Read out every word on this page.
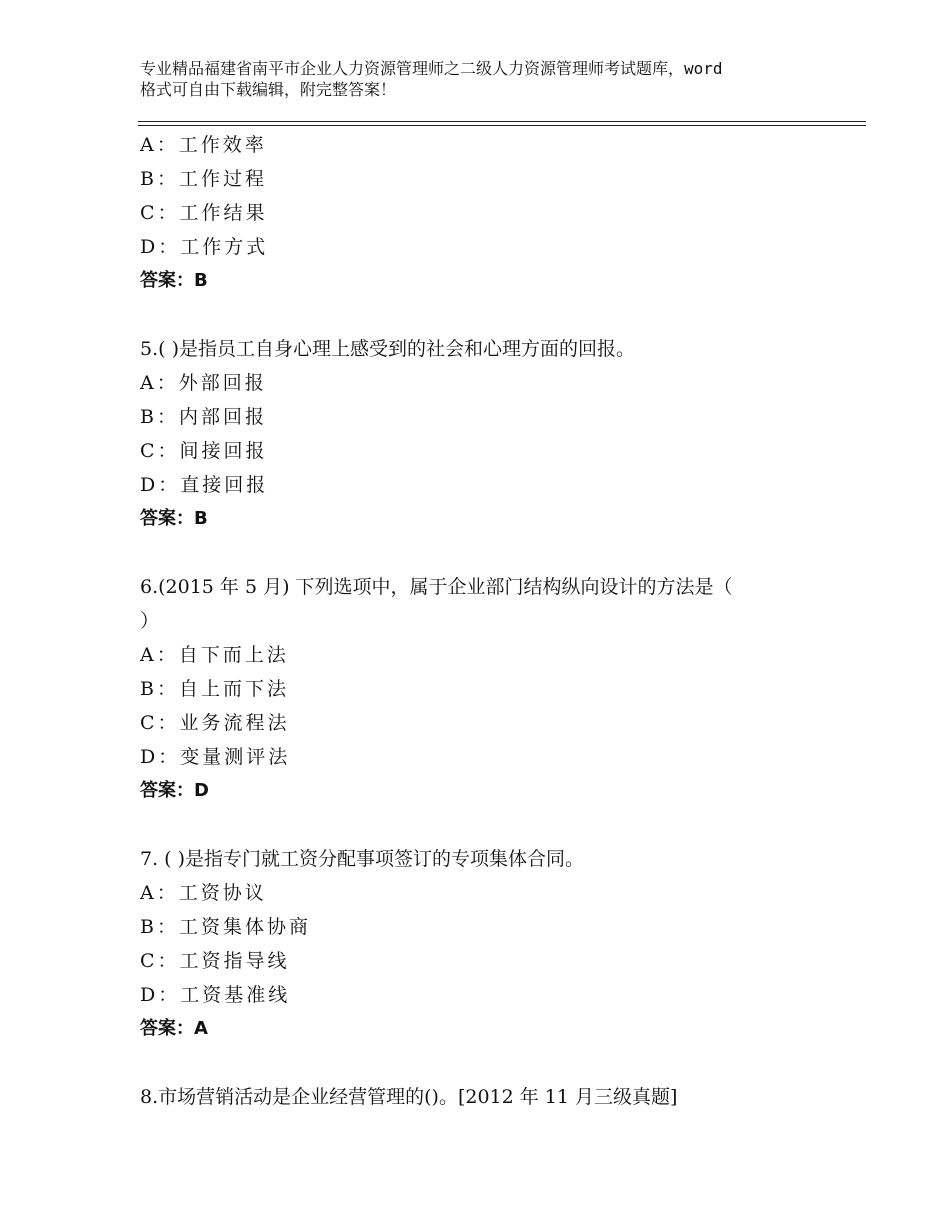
专业精品福建省南平市企业人力资源管理师之二级人力资源管理师考试题库，word
格式可自由下载编辑，附完整答案！
A：工作效率
B：工作过程
C：工作结果
D：工作方式
答案：B
5.( )是指员工自身心理上感受到的社会和心理方面的回报。
A：外部回报
B：内部回报
C：间接回报
D：直接回报
答案：B
6.(2015 年 5 月) 下列选项中，属于企业部门结构纵向设计的方法是（
）
A：自下而上法
B：自上而下法
C：业务流程法
D：变量测评法
答案：D
7. ( )是指专门就工资分配事项签订的专项集体合同。
A：工资协议
B：工资集体协商
C：工资指导线
D：工资基准线
答案：A
8.市场营销活动是企业经营管理的()。[2012 年 11 月三级真题]
